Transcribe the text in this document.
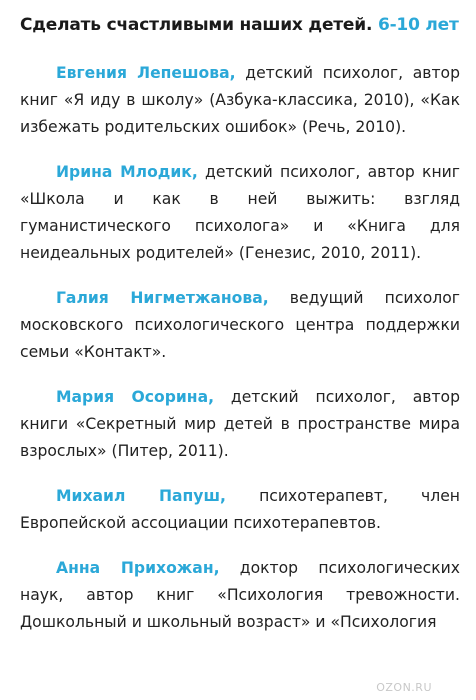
Сделать счастливыми наших детей. 6-10 лет

Евгения Лепешова, детский психолог, автор книг «Я иду в школу» (Азбука-классика, 2010), «Как избежать родительских ошибок» (Речь, 2010).

Ирина Млодик, детский психолог, автор книг «Школа и как в ней выжить: взгляд гуманистического психолога» и «Книга для неидеальных родителей» (Генезис, 2010, 2011).

Галия Нигметжанова, ведущий психолог московского психологического центра поддержки семьи «Контакт».

Мария Осорина, детский психолог, автор книги «Секретный мир детей в пространстве мира взрослых» (Питер, 2011).

Михаил Папуш, психотерапевт, член Европейской ассоциации психотерапевтов.

Анна Прихожан, доктор психологических наук, автор книг «Психология тревожности. Дошкольный и школьный возраст» и «Психология

OZON.RU
